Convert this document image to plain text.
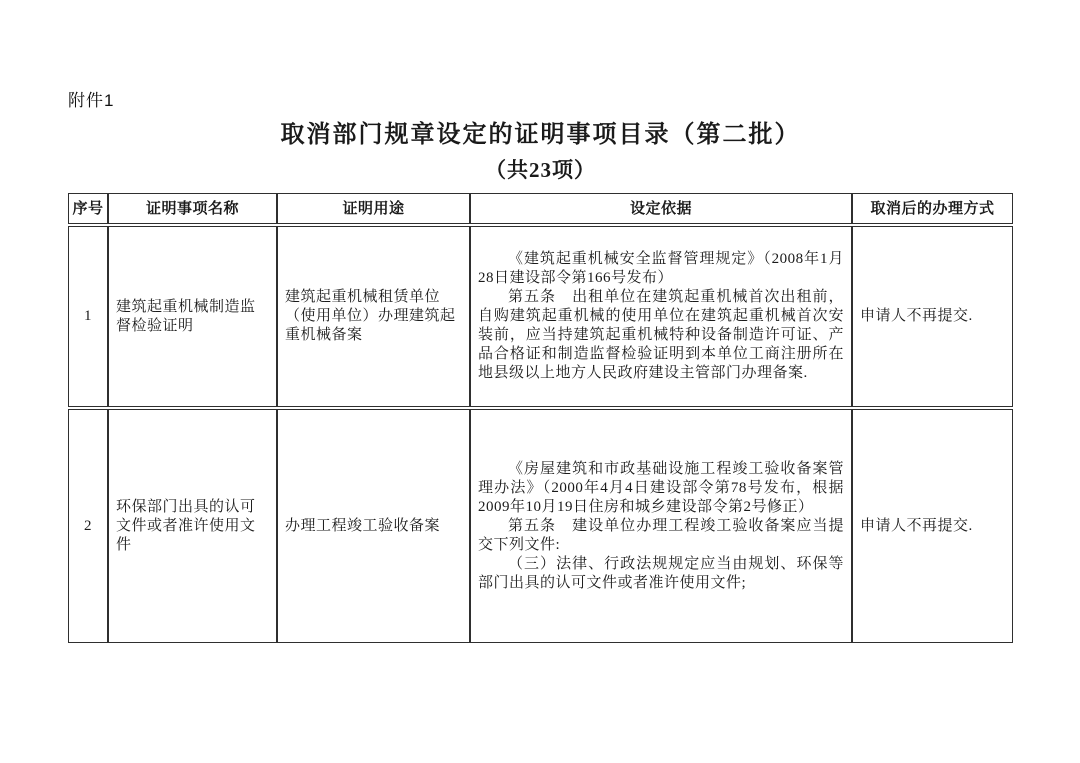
附件1
取消部门规章设定的证明事项目录（第二批）
（共23项）
序号	证明事项名称	证明用途	设定依据	取消后的办理方式
1	建筑起重机械制造监督检验证明	建筑起重机械租赁单位（使用单位）办理建筑起重机械备案	《建筑起重机械安全监督管理规定》（2008年1月28日建设部令第166号发布）

第五条　出租单位在建筑起重机械首次出租前，自购建筑起重机械的使用单位在建筑起重机械首次安装前，应当持建筑起重机械特种设备制造许可证、产品合格证和制造监督检验证明到本单位工商注册所在地县级以上地方人民政府建设主管部门办理备案.	申请人不再提交.
2	环保部门出具的认可文件或者准许使用文件	办理工程竣工验收备案	《房屋建筑和市政基础设施工程竣工验收备案管理办法》（2000年4月4日建设部令第78号发布，根据2009年10月19日住房和城乡建设部令第2号修正）

第五条　建设单位办理工程竣工验收备案应当提交下列文件:

（三）法律、行政法规规定应当由规划、环保等部门出具的认可文件或者准许使用文件;	申请人不再提交.
